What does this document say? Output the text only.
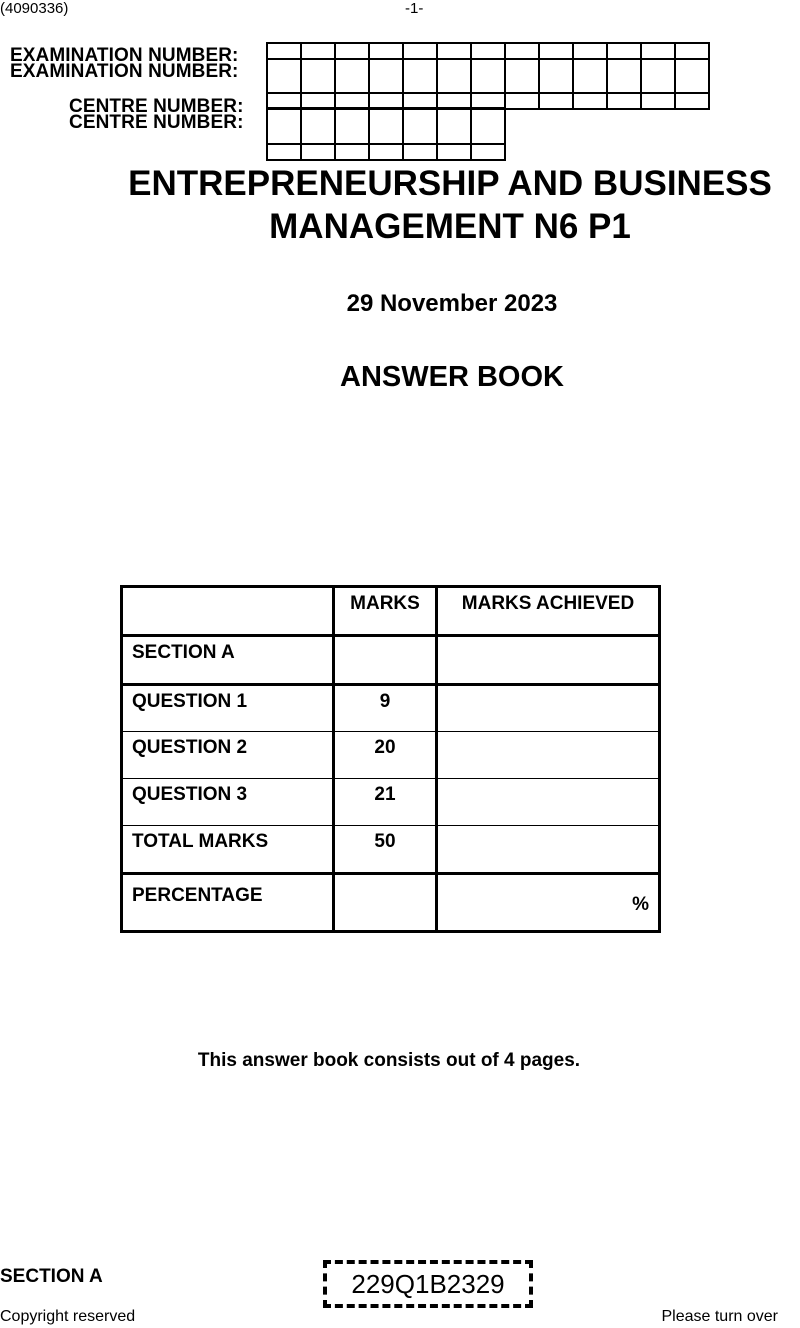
(4090336)	-1-
EXAMINATION NUMBER:
EXAMINATION NUMBER:

CENTRE NUMBER:
CENTRE NUMBER:

ENTREPRENEURSHIP AND BUSINESS
MANAGEMENT N6 P1
29 November 2023
ANSWER BOOK
	MARKS	MARKS ACHIEVED
SECTION A		
QUESTION 1	9	
QUESTION 2	20	
QUESTION 3	21	
TOTAL MARKS	50	
PERCENTAGE		%
This answer book consists out of 4 pages.
SECTION A	229Q1B2329
Copyright reserved	Please turn over
